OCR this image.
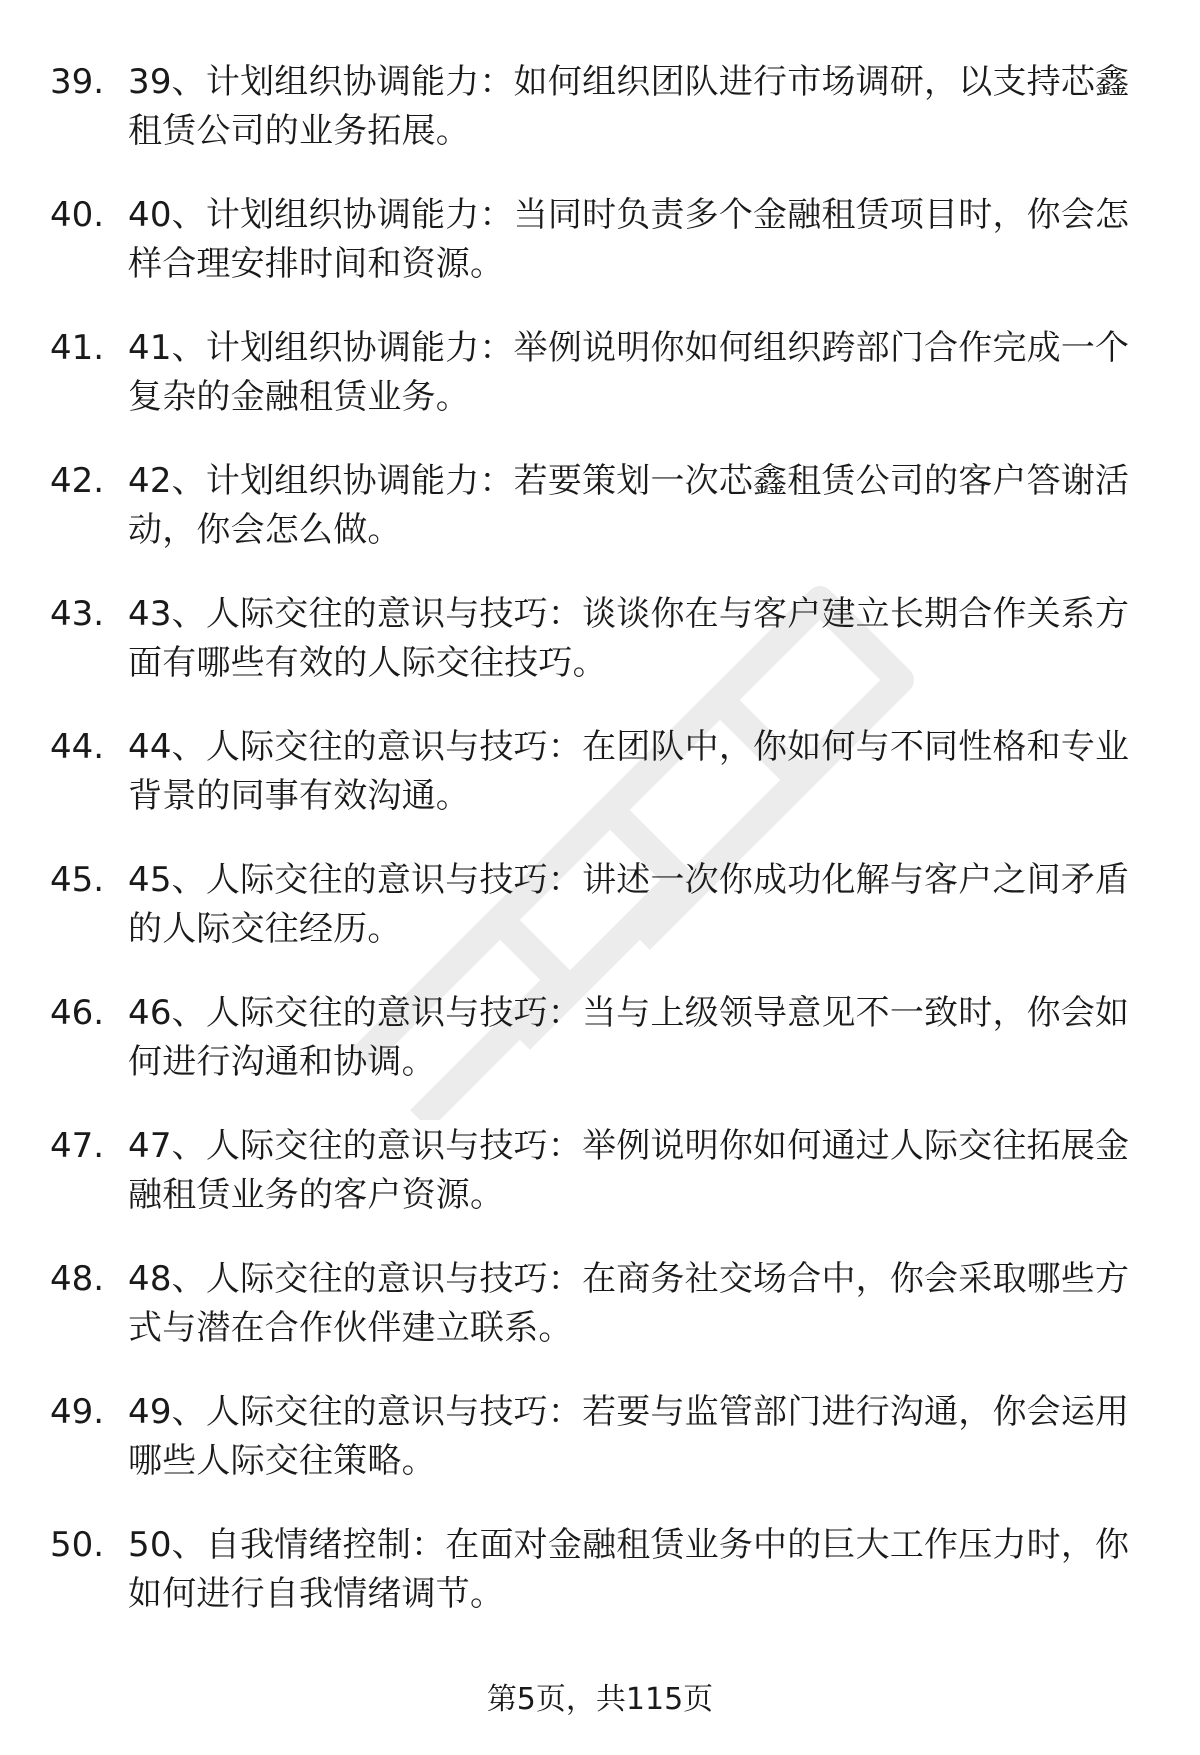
39. 39、计划组织协调能力：如何组织团队进行市场调研，以支持芯鑫租赁公司的业务拓展。
40. 40、计划组织协调能力：当同时负责多个金融租赁项目时，你会怎样合理安排时间和资源。
41. 41、计划组织协调能力：举例说明你如何组织跨部门合作完成一个复杂的金融租赁业务。
42. 42、计划组织协调能力：若要策划一次芯鑫租赁公司的客户答谢活动，你会怎么做。
43. 43、人际交往的意识与技巧：谈谈你在与客户建立长期合作关系方面有哪些有效的人际交往技巧。
44. 44、人际交往的意识与技巧：在团队中，你如何与不同性格和专业背景的同事有效沟通。
45. 45、人际交往的意识与技巧：讲述一次你成功化解与客户之间矛盾的人际交往经历。
46. 46、人际交往的意识与技巧：当与上级领导意见不一致时，你会如何进行沟通和协调。
47. 47、人际交往的意识与技巧：举例说明你如何通过人际交往拓展金融租赁业务的客户资源。
48. 48、人际交往的意识与技巧：在商务社交场合中，你会采取哪些方式与潜在合作伙伴建立联系。
49. 49、人际交往的意识与技巧：若要与监管部门进行沟通，你会运用哪些人际交往策略。
50. 50、自我情绪控制：在面对金融租赁业务中的巨大工作压力时，你如何进行自我情绪调节。
第5页，共115页
